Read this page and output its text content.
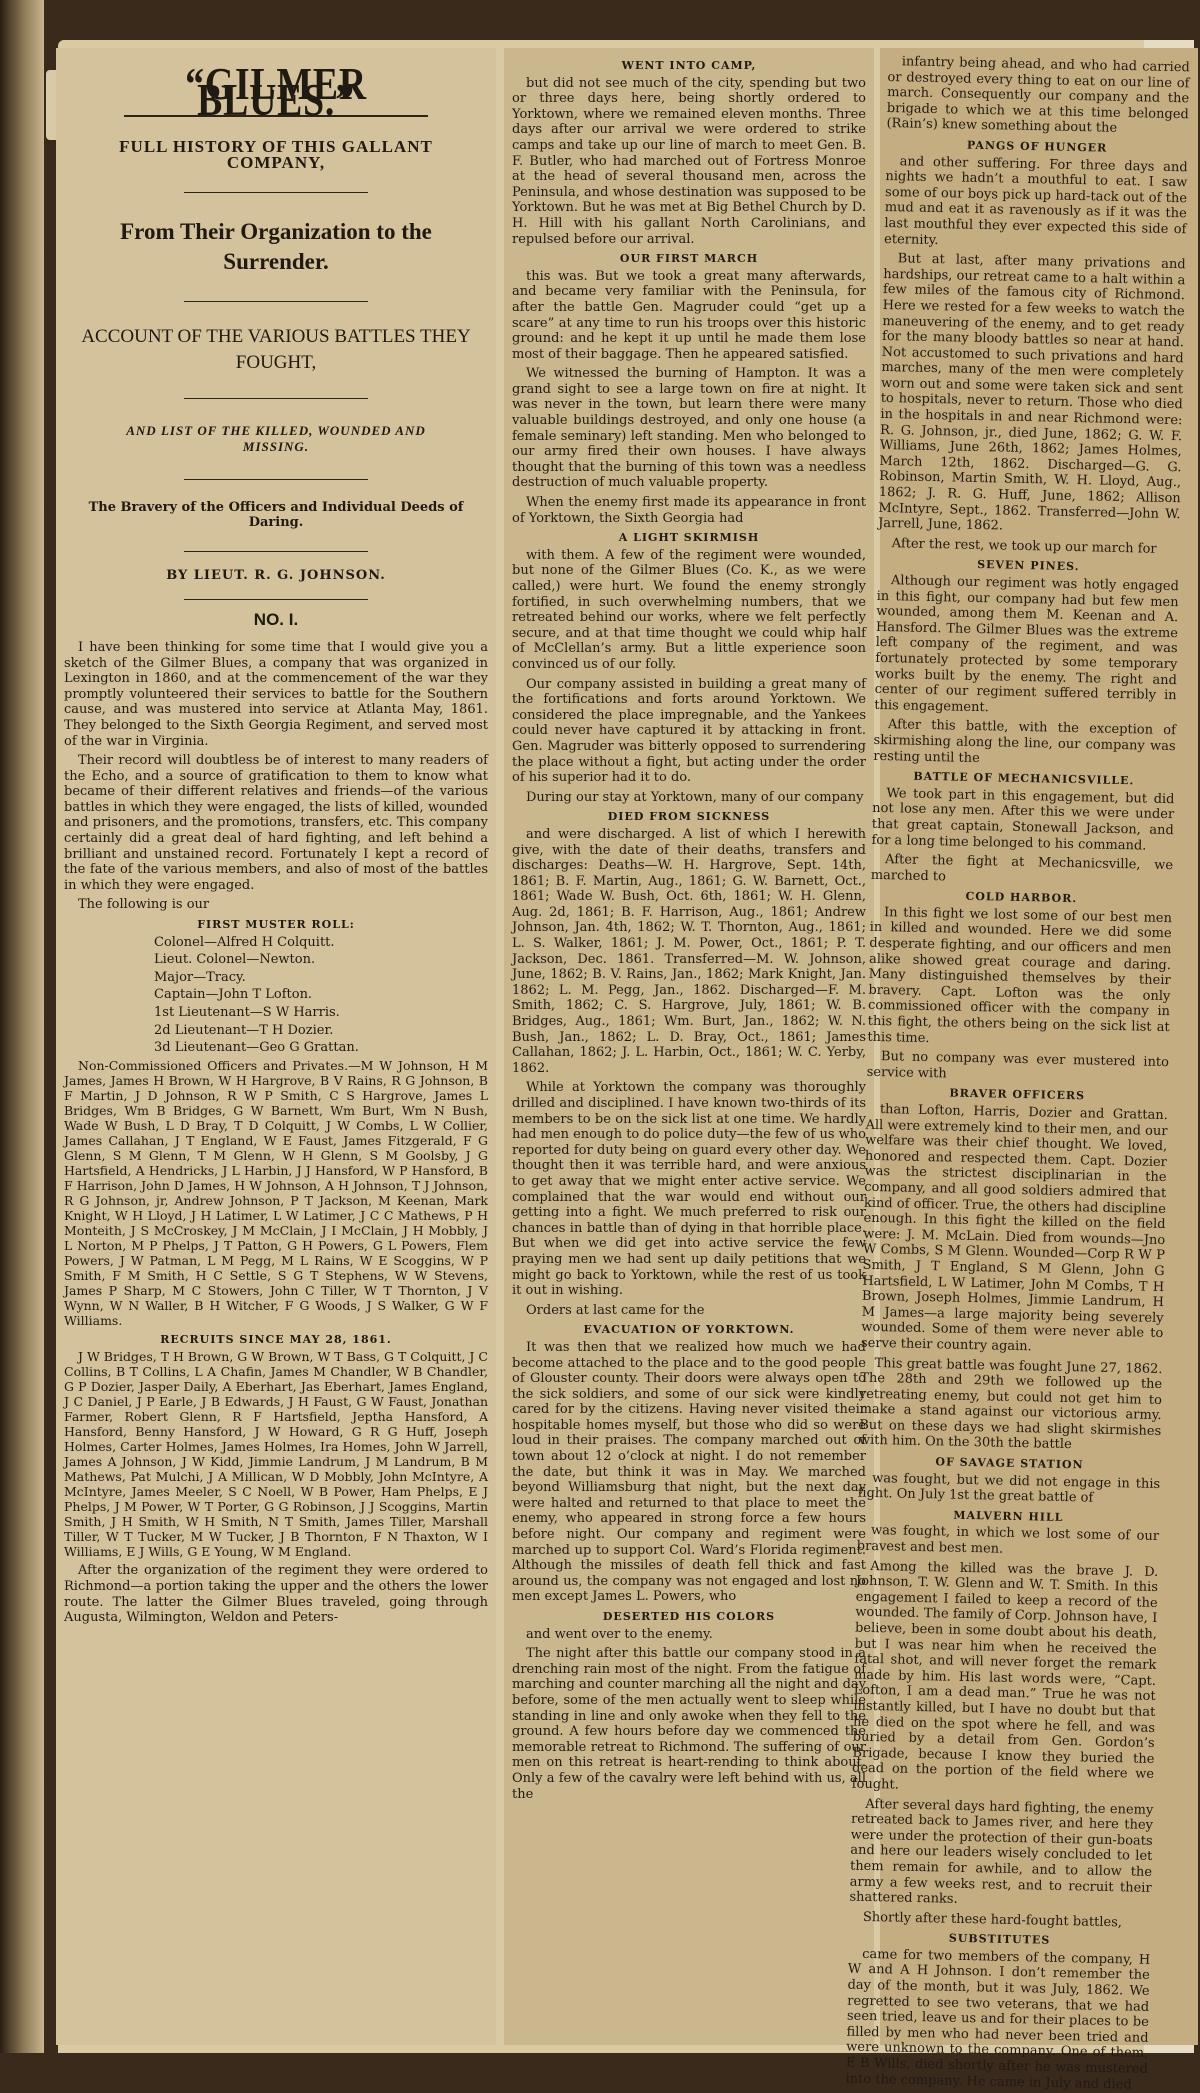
“GILMER BLUES.”
FULL HISTORY OF THIS GALLANT COMPANY,
From Their Organization to the Surrender.
ACCOUNT OF THE VARIOUS BATTLES THEY FOUGHT,
AND LIST OF THE KILLED, WOUNDED AND MISSING.
The Bravery of the Officers and Individual Deeds of Daring.
BY LIEUT. R. G. JOHNSON.
NO. I.

I have been thinking for some time that I would give you a sketch of the Gilmer Blues, a company that was organized in Lexington in 1860, and at the commencement of the war they promptly volunteered their services to battle for the Southern cause, and was mustered into service at Atlanta May, 1861. They belonged to the Sixth Georgia Regiment, and served most of the war in Virginia.

Their record will doubtless be of interest to many readers of the Echo, and a source of gratification to them to know what became of their different relatives and friends—of the various battles in which they were engaged, the lists of killed, wounded and prisoners, and the promotions, transfers, etc. This company certainly did a great deal of hard fighting, and left behind a brilliant and unstained record. Fortunately I kept a record of the fate of the various members, and also of most of the battles in which they were engaged.

The following is our

FIRST MUSTER ROLL:
Colonel—Alfred H Colquitt.
Lieut. Colonel—Newton.
Major—Tracy.
Captain—John T Lofton.
1st Lieutenant—S W Harris.
2d Lieutenant—T H Dozier.
3d Lieutenant—Geo G Grattan.

Non-Commissioned Officers and Privates.—M W Johnson, H M James, James H Brown, W H Hargrove, B V Rains, R G Johnson, B F Martin, J D Johnson, R W P Smith, C S Hargrove, James L Bridges, Wm B Bridges, G W Barnett, Wm Burt, Wm N Bush, Wade W Bush, L D Bray, T D Colquitt, J W Combs, L W Collier, James Callahan, J T England, W E Faust, James Fitzgerald, F G Glenn, S M Glenn, T M Glenn, W H Glenn, S M Goolsby, J G Hartsfield, A Hendricks, J L Harbin, J J Hansford, W P Hansford, B F Harrison, John D James, H W Johnson, A H Johnson, T J Johnson, R G Johnson, jr, Andrew Johnson, P T Jackson, M Keenan, Mark Knight, W H Lloyd, J H Latimer, L W Latimer, J C C Mathews, P H Monteith, J S McCroskey, J M McClain, J I McClain, J H Mobbly, J L Norton, M P Phelps, J T Patton, G H Powers, G L Powers, Flem Powers, J W Patman, L M Pegg, M L Rains, W E Scoggins, W P Smith, F M Smith, H C Settle, S G T Stephens, W W Stevens, James P Sharp, M C Stowers, John C Tiller, W T Thornton, J V Wynn, W N Waller, B H Witcher, F G Woods, J S Walker, G W F Williams.

RECRUITS SINCE MAY 28, 1861.

J W Bridges, T H Brown, G W Brown, W T Bass, G T Colquitt, J C Collins, B T Collins, L A Chafin, James M Chandler, W B Chandler, G P Dozier, Jasper Daily, A Eberhart, Jas Eberhart, James England, J C Daniel, J P Earle, J B Edwards, J H Faust, G W Faust, Jonathan Farmer, Robert Glenn, R F Hartsfield, Jeptha Hansford, A Hansford, Benny Hansford, J W Howard, G R G Huff, Joseph Holmes, Carter Holmes, James Holmes, Ira Homes, John W Jarrell, James A Johnson, J W Kidd, Jimmie Landrum, J M Landrum, B M Mathews, Pat Mulchi, J A Millican, W D Mobbly, John McIntyre, A McIntyre, James Meeler, S C Noell, W B Power, Ham Phelps, E J Phelps, J M Power, W T Porter, G G Robinson, J J Scoggins, Martin Smith, J H Smith, W H Smith, N T Smith, James Tiller, Marshall Tiller, W T Tucker, M W Tucker, J B Thornton, F N Thaxton, W I Williams, E J Wills, G E Young, W M England.

After the organization of the regiment they were ordered to Richmond—a portion taking the upper and the others the lower route. The latter the Gilmer Blues traveled, going through Augusta, Wilmington, Weldon and Peters-

WENT INTO CAMP,

but did not see much of the city, spending but two or three days here, being shortly ordered to Yorktown, where we remained eleven months. Three days after our arrival we were ordered to strike camps and take up our line of march to meet Gen. B. F. Butler, who had marched out of Fortress Monroe at the head of several thousand men, across the Peninsula, and whose destination was supposed to be Yorktown. But he was met at Big Bethel Church by D. H. Hill with his gallant North Carolinians, and repulsed before our arrival.

OUR FIRST MARCH

this was. But we took a great many afterwards, and became very familiar with the Peninsula, for after the battle Gen. Magruder could “get up a scare” at any time to run his troops over this historic ground: and he kept it up until he made them lose most of their baggage. Then he appeared satisfied.

We witnessed the burning of Hampton. It was a grand sight to see a large town on fire at night. It was never in the town, but learn there were many valuable buildings destroyed, and only one house (a female seminary) left standing. Men who belonged to our army fired their own houses. I have always thought that the burning of this town was a needless destruction of much valuable property.

When the enemy first made its appearance in front of Yorktown, the Sixth Georgia had

A LIGHT SKIRMISH

with them. A few of the regiment were wounded, but none of the Gilmer Blues (Co. K., as we were called,) were hurt. We found the enemy strongly fortified, in such overwhelming numbers, that we retreated behind our works, where we felt perfectly secure, and at that time thought we could whip half of McClellan’s army. But a little experience soon convinced us of our folly.

Our company assisted in building a great many of the fortifications and forts around Yorktown. We considered the place impregnable, and the Yankees could never have captured it by attacking in front. Gen. Magruder was bitterly opposed to surrendering the place without a fight, but acting under the order of his superior had it to do.

During our stay at Yorktown, many of our company

DIED FROM SICKNESS

and were discharged. A list of which I herewith give, with the date of their deaths, transfers and discharges: Deaths—W. H. Hargrove, Sept. 14th, 1861; B. F. Martin, Aug., 1861; G. W. Barnett, Oct., 1861; Wade W. Bush, Oct. 6th, 1861; W. H. Glenn, Aug. 2d, 1861; B. F. Harrison, Aug., 1861; Andrew Johnson, Jan. 4th, 1862; W. T. Thornton, Aug., 1861; L. S. Walker, 1861; J. M. Power, Oct., 1861; P. T. Jackson, Dec. 1861. Transferred—M. W. Johnson, June, 1862; B. V. Rains, Jan., 1862; Mark Knight, Jan. 1862; L. M. Pegg, Jan., 1862. Discharged—F. M. Smith, 1862; C. S. Hargrove, July, 1861; W. B. Bridges, Aug., 1861; Wm. Burt, Jan., 1862; W. N. Bush, Jan., 1862; L. D. Bray, Oct., 1861; James Callahan, 1862; J. L. Harbin, Oct., 1861; W. C. Yerby, 1862.

While at Yorktown the company was thoroughly drilled and disciplined. I have known two-thirds of its members to be on the sick list at one time. We hardly had men enough to do police duty—the few of us who reported for duty being on guard every other day. We thought then it was terrible hard, and were anxious to get away that we might enter active service. We complained that the war would end without our getting into a fight. We much preferred to risk our chances in battle than of dying in that horrible place. But when we did get into active service the few praying men we had sent up daily petitions that we might go back to Yorktown, while the rest of us took it out in wishing.

Orders at last came for the

EVACUATION OF YORKTOWN.

It was then that we realized how much we had become attached to the place and to the good people of Glouster county. Their doors were always open to the sick soldiers, and some of our sick were kindly cared for by the citizens. Having never visited their hospitable homes myself, but those who did so were loud in their praises. The company marched out of town about 12 o’clock at night. I do not remember the date, but think it was in May. We marched beyond Williamsburg that night, but the next day were halted and returned to that place to meet the enemy, who appeared in strong force a few hours before night. Our company and regiment were marched up to support Col. Ward’s Florida regiment. Although the missiles of death fell thick and fast around us, the company was not engaged and lost no men except James L. Powers, who

DESERTED HIS COLORS

and went over to the enemy.

The night after this battle our company stood in a drenching rain most of the night. From the fatigue of marching and counter marching all the night and day before, some of the men actually went to sleep while standing in line and only awoke when they fell to the ground. A few hours before day we commenced the memorable retreat to Richmond. The suffering of our men on this retreat is heart-rending to think about. Only a few of the cavalry were left behind with us, all the

infantry being ahead, and who had carried or destroyed every thing to eat on our line of march. Consequently our company and the brigade to which we at this time belonged (Rain’s) knew something about the

PANGS OF HUNGER

and other suffering. For three days and nights we hadn’t a mouthful to eat. I saw some of our boys pick up hard-tack out of the mud and eat it as ravenously as if it was the last mouthful they ever expected this side of eternity.

But at last, after many privations and hardships, our retreat came to a halt within a few miles of the famous city of Richmond. Here we rested for a few weeks to watch the maneuvering of the enemy, and to get ready for the many bloody battles so near at hand. Not accustomed to such privations and hard marches, many of the men were completely worn out and some were taken sick and sent to hospitals, never to return. Those who died in the hospitals in and near Richmond were: R. G. Johnson, jr., died June, 1862; G. W. F. Williams, June 26th, 1862; James Holmes, March 12th, 1862. Discharged—G. G. Robinson, Martin Smith, W. H. Lloyd, Aug., 1862; J. R. G. Huff, June, 1862; Allison McIntyre, Sept., 1862. Transferred—John W. Jarrell, June, 1862.

After the rest, we took up our march for

SEVEN PINES.

Although our regiment was hotly engaged in this fight, our company had but few men wounded, among them M. Keenan and A. Hansford. The Gilmer Blues was the extreme left company of the regiment, and was fortunately protected by some temporary works built by the enemy. The right and center of our regiment suffered terribly in this engagement.

After this battle, with the exception of skirmishing along the line, our company was resting until the

BATTLE OF MECHANICSVILLE.

We took part in this engagement, but did not lose any men. After this we were under that great captain, Stonewall Jackson, and for a long time belonged to his command.

After the fight at Mechanicsville, we marched to

COLD HARBOR.

In this fight we lost some of our best men in killed and wounded. Here we did some desperate fighting, and our officers and men alike showed great courage and daring. Many distinguished themselves by their bravery. Capt. Lofton was the only commissioned officer with the company in this fight, the others being on the sick list at this time.

But no company was ever mustered into service with

BRAVER OFFICERS

than Lofton, Harris, Dozier and Grattan. All were extremely kind to their men, and our welfare was their chief thought. We loved, honored and respected them. Capt. Dozier was the strictest disciplinarian in the company, and all good soldiers admired that kind of officer. True, the others had discipline enough. In this fight the killed on the field were: J. M. McLain. Died from wounds—Jno W Combs, S M Glenn. Wounded—Corp R W P Smith, J T England, S M Glenn, John G Hartsfield, L W Latimer, John M Combs, T H Brown, Joseph Holmes, Jimmie Landrum, H M James—a large majority being severely wounded. Some of them were never able to serve their country again.

This great battle was fought June 27, 1862. The 28th and 29th we followed up the retreating enemy, but could not get him to make a stand against our victorious army. But on these days we had slight skirmishes with him. On the 30th the battle

OF SAVAGE STATION

was fought, but we did not engage in this fight. On July 1st the great battle of

MALVERN HILL

was fought, in which we lost some of our bravest and best men.

Among the killed was the brave J. D. Johnson, T. W. Glenn and W. T. Smith. In this engagement I failed to keep a record of the wounded. The family of Corp. Johnson have, I believe, been in some doubt about his death, but I was near him when he received the fatal shot, and will never forget the remark made by him. His last words were, “Capt. Lofton, I am a dead man.” True he was not instantly killed, but I have no doubt but that he died on the spot where he fell, and was buried by a detail from Gen. Gordon’s Brigade, because I know they buried the dead on the portion of the field where we fought.

After several days hard fighting, the enemy retreated back to James river, and here they were under the protection of their gun-boats and here our leaders wisely concluded to let them remain for awhile, and to allow the army a few weeks rest, and to recruit their shattered ranks.

Shortly after these hard-fought battles,

SUBSTITUTES

came for two members of the company, H W and A H Johnson. I don’t remember the day of the month, but it was July, 1862. We regretted to see two veterans, that we had seen tried, leave us and for their places to be filled by men who had never been tried and were unknown to the company. One of them, E B Wills, died shortly after he was mustered into the company. He came in July and died
